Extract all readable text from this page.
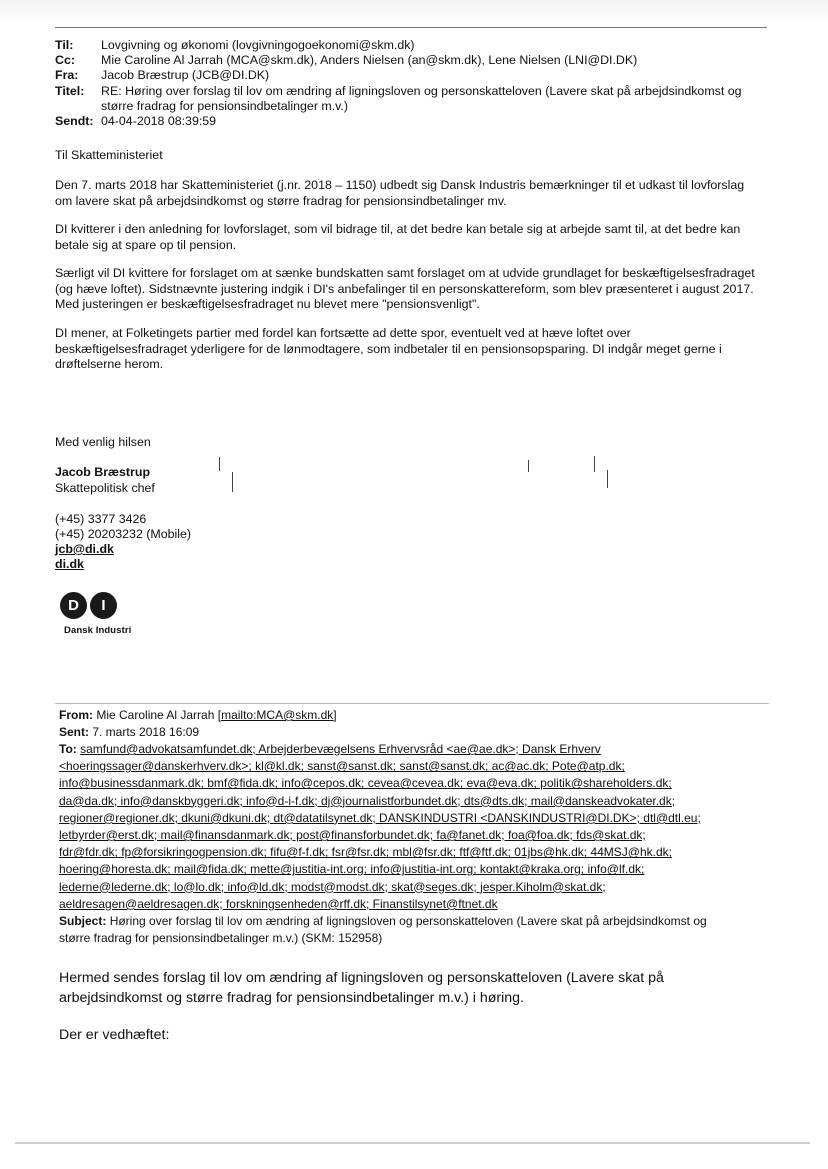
Til: Lovgivning og økonomi (lovgivningogoekonomi@skm.dk)
Cc: Mie Caroline Al Jarrah (MCA@skm.dk), Anders Nielsen (an@skm.dk), Lene Nielsen (LNI@DI.DK)
Fra: Jacob Bræstrup (JCB@DI.DK)
Titel: RE: Høring over forslag til lov om ændring af ligningsloven og personskatteloven (Lavere skat på arbejdsindkomst og
større fradrag for pensionsindbetalinger m.v.)
Sendt: 04-04-2018 08:39:59
Til Skatteministeriet
Den 7. marts 2018 har Skatteministeriet (j.nr. 2018 – 1150) udbedt sig Dansk Industris bemærkninger til et udkast til lovforslag om lavere skat på arbejdsindkomst og større fradrag for pensionsindbetalinger mv.
DI kvitterer i den anledning for lovforslaget, som vil bidrage til, at det bedre kan betale sig at arbejde samt til, at det bedre kan betale sig at spare op til pension.
Særligt vil DI kvittere for forslaget om at sænke bundskatten samt forslaget om at udvide grundlaget for beskæftigelsesfradraget (og hæve loftet). Sidstnævnte justering indgik i DI's anbefalinger til en personskattereform, som blev præsenteret i august 2017. Med justeringen er beskæftigelsesfradraget nu blevet mere "pensionsvenligt".
DI mener, at Folketingets partier med fordel kan fortsætte ad dette spor, eventuelt ved at hæve loftet over beskæftigelsesfradraget yderligere for de lønmodtagere, som indbetaler til en pensionsopsparing. DI indgår meget gerne i drøftelserne herom.
Med venlig hilsen
Jacob Bræstrup
Skattepolitisk chef
(+45) 3377 3426
(+45) 20203232 (Mobile)
jcb@di.dk
di.dk
D	I
Dansk Industri
From: Mie Caroline Al Jarrah [mailto:MCA@skm.dk]
Sent: 7. marts 2018 16:09
To: samfund@advokatsamfundet.dk; Arbejderbevægelsens Erhvervsråd <ae@ae.dk>; Dansk Erhverv
<hoeringssager@danskerhverv.dk>; kl@kl.dk; sanst@sanst.dk; sanst@sanst.dk; ac@ac.dk; Pote@atp.dk;
info@businessdanmark.dk; bmf@fida.dk; info@cepos.dk; cevea@cevea.dk; eva@eva.dk; politik@shareholders.dk;
da@da.dk; info@danskbyggeri.dk; info@d-i-f.dk; dj@journalistforbundet.dk; dts@dts.dk; mail@danskeadvokater.dk;
regioner@regioner.dk; dkuni@dkuni.dk; dt@datatilsynet.dk; DANSKINDUSTRI <DANSKINDUSTRI@DI.DK>; dtl@dtl.eu;
letbyrder@erst.dk; mail@finansdanmark.dk; post@finansforbundet.dk; fa@fanet.dk; foa@foa.dk; fds@skat.dk;
fdr@fdr.dk; fp@forsikringogpension.dk; fifu@f-f.dk; fsr@fsr.dk; mbl@fsr.dk; ftf@ftf.dk; 01jbs@hk.dk; 44MSJ@hk.dk;
hoering@horesta.dk; mail@fida.dk; mette@justitia-int.org; info@justitia-int.org; kontakt@kraka.org; info@lf.dk;
lederne@lederne.dk; lo@lo.dk; info@ld.dk; modst@modst.dk; skat@seges.dk; jesper.Kiholm@skat.dk;
aeldresagen@aeldresagen.dk; forskningsenheden@rff.dk; Finanstilsynet@ftnet.dk
Subject: Høring over forslag til lov om ændring af ligningsloven og personskatteloven (Lavere skat på arbejdsindkomst og
større fradrag for pensionsindbetalinger m.v.) (SKM: 152958)
Hermed sendes forslag til lov om ændring af ligningsloven og personskatteloven (Lavere skat på arbejdsindkomst og større fradrag for pensionsindbetalinger m.v.) i høring.
Der er vedhæftet:
